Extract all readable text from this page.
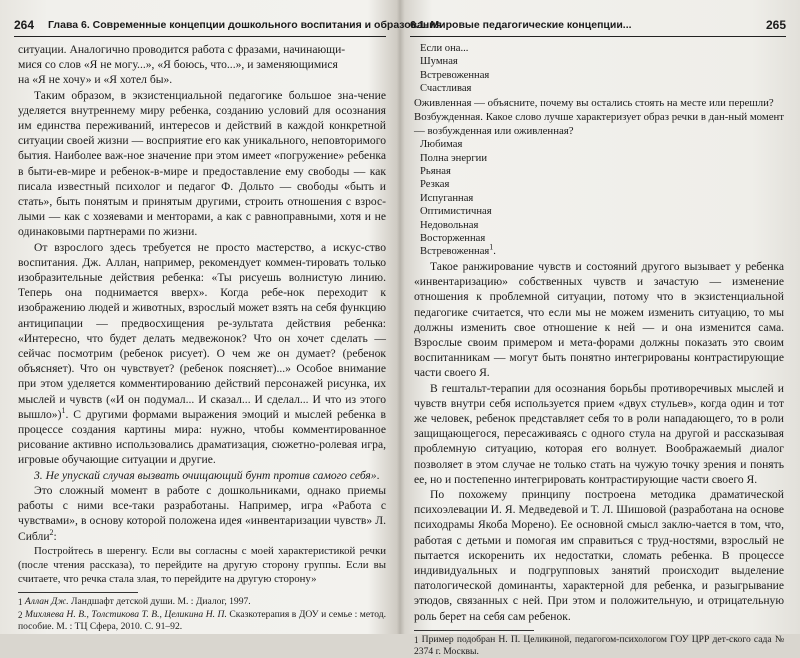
264 Глава 6. Современные концепции дошкольного воспитания и образования

ситуации. Аналогично проводится работа с фразами, начинающи-

мися со слов «Я не могу...», «Я боюсь, что...», и заменяющимися

на «Я не хочу» и «Я хотел бы».

Таким образом, в экзистенциальной педагогике большое зна-чение уделяется внутреннему миру ребенка, созданию условий для осознания им единства переживаний, интересов и действий в каждой конкретной ситуации своей жизни — восприятие его как уникального, неповторимого бытия. Наиболее важ-ное значение при этом имеет «погружение» ребенка в быти-ев-мире и ребенок-в-мире и предоставление ему свободы — как писала известный психолог и педагог Ф. Дольто — свободы «быть и стать», быть понятым и принятым другими, строить отношения с взрос-лыми — как с хозяевами и менторами, а как с равноправными, хотя и не одинаковыми партнерами по жизни.

От взрослого здесь требуется не просто мастерство, а искус-ство воспитания. Дж. Аллан, например, рекомендует коммен-тировать только изобразительные действия ребенка: «Ты рисуешь волнистую линию. Теперь она поднимается вверх». Когда ребе-нок переходит к изображению людей и животных, взрослый может взять на себя функцию антиципации — предвосхищения ре-зультата действия ребенка: «Интересно, что будет делать медвежонок? Что он хочет сделать — сейчас посмотрим (ребенок рисует). О чем же он думает? (ребенок объясняет). Что он чувствует? (ребенок поясняет)...» Особое внимание при этом уделяется комментированию действий персонажей рисунка, их мыслей и чувств («И он подумал... И сказал... И сделал... И что из этого вышло»)$^1$. С другими формами выражения эмоций и мыслей ребенка в процессе создания картины мира: нужно, чтобы комментированное рисование активно использовались драматизация, сюжетно-ролевая игра, игровые обучающие ситуации и другие.

3. Не упускай случая вызвать очищающий бунт против самого себя».

Это сложный момент в работе с дошкольниками, однако приемы работы с ними все-таки разработаны. Например, игра «Работа с чувствами», в основу которой положена идея «инвентаризации чувств» Л. Сибли$^2$:

Постройтесь в шеренгу. Если вы согласны с моей характеристикой речки (после чтения рассказа), то перейдите на другую сторону группы. Если вы считаете, что речка стала злая, то перейдите на другую сторону»

1 Аллан Дж. Ландшафт детской души. М. : Диалог, 1997.

2 Михляева Н. В., Толстикова Т. В., Целикина Н. П. Сказкотерапия в ДОУ и семье : метод. пособие. М. : ТЦ Сфера, 2010. С. 91–92.

6.1. Мировые педагогические концепции...	265

Если она...

Шумная

Встревоженная

Счастливая

Оживленная — объясните, почему вы остались стоять на месте или перешли?

Возбужденная. Какое слово лучше характеризует образ речки в дан-ный момент — возбужденная или оживленная?

Любимая

Полна энергии

Рьяная

Резкая

Испуганная

Оптимистичная

Недовольная

Восторженная

Встревоженная$^1$.

Такое ранжирование чувств и состояний другого вызывает у ребенка «инвентаризацию» собственных чувств и зачастую — изменение отношения к проблемной ситуации, потому что в экзистенциальной педагогике считается, что если мы не можем изменить ситуацию, то мы должны изменить свое отношение к ней — и она изменится сама. Взрослые своим примером и мета-форами должны показать это своим воспитанникам — могут быть понятно интегрированы контрастирующие части своего Я.

В гештальт-терапии для осознания борьбы противоречивых мыслей и чувств внутри себя используется прием «двух стульев», когда один и тот же человек, ребенок представляет себя то в роли нападающего, то в роли защищающегося, пересаживаясь с одного стула на другой и рассказывая проблемную ситуацию, которая его волнует. Воображаемый диалог позволяет в этом случае не только стать на чужую точку зрения и понять ее, но и постепенно интегрировать контрастирующие части своего Я.

По похожему принципу построена методика драматической психоэлевации И. Я. Медведевой и Т. Л. Шишовой (разработана на основе психодрамы Якоба Морено). Ее основной смысл заклю-чается в том, что, работая с детьми и помогая им справиться с труд-ностями, взрослый не пытается искоренить их недостатки, сломать ребенка. В процессе индивидуальных и подгрупповых занятий происходит выделение патологической доминанты, характерной для ребенка, и разыгрывание этюдов, связанных с ней. При этом и положительную, и отрицательную роль берет на себя сам ребенок.

1 Пример подобран Н. П. Целикиной, педагогом-психологом ГОУ ЦРР дет-ского сада № 2374 г. Москвы.
